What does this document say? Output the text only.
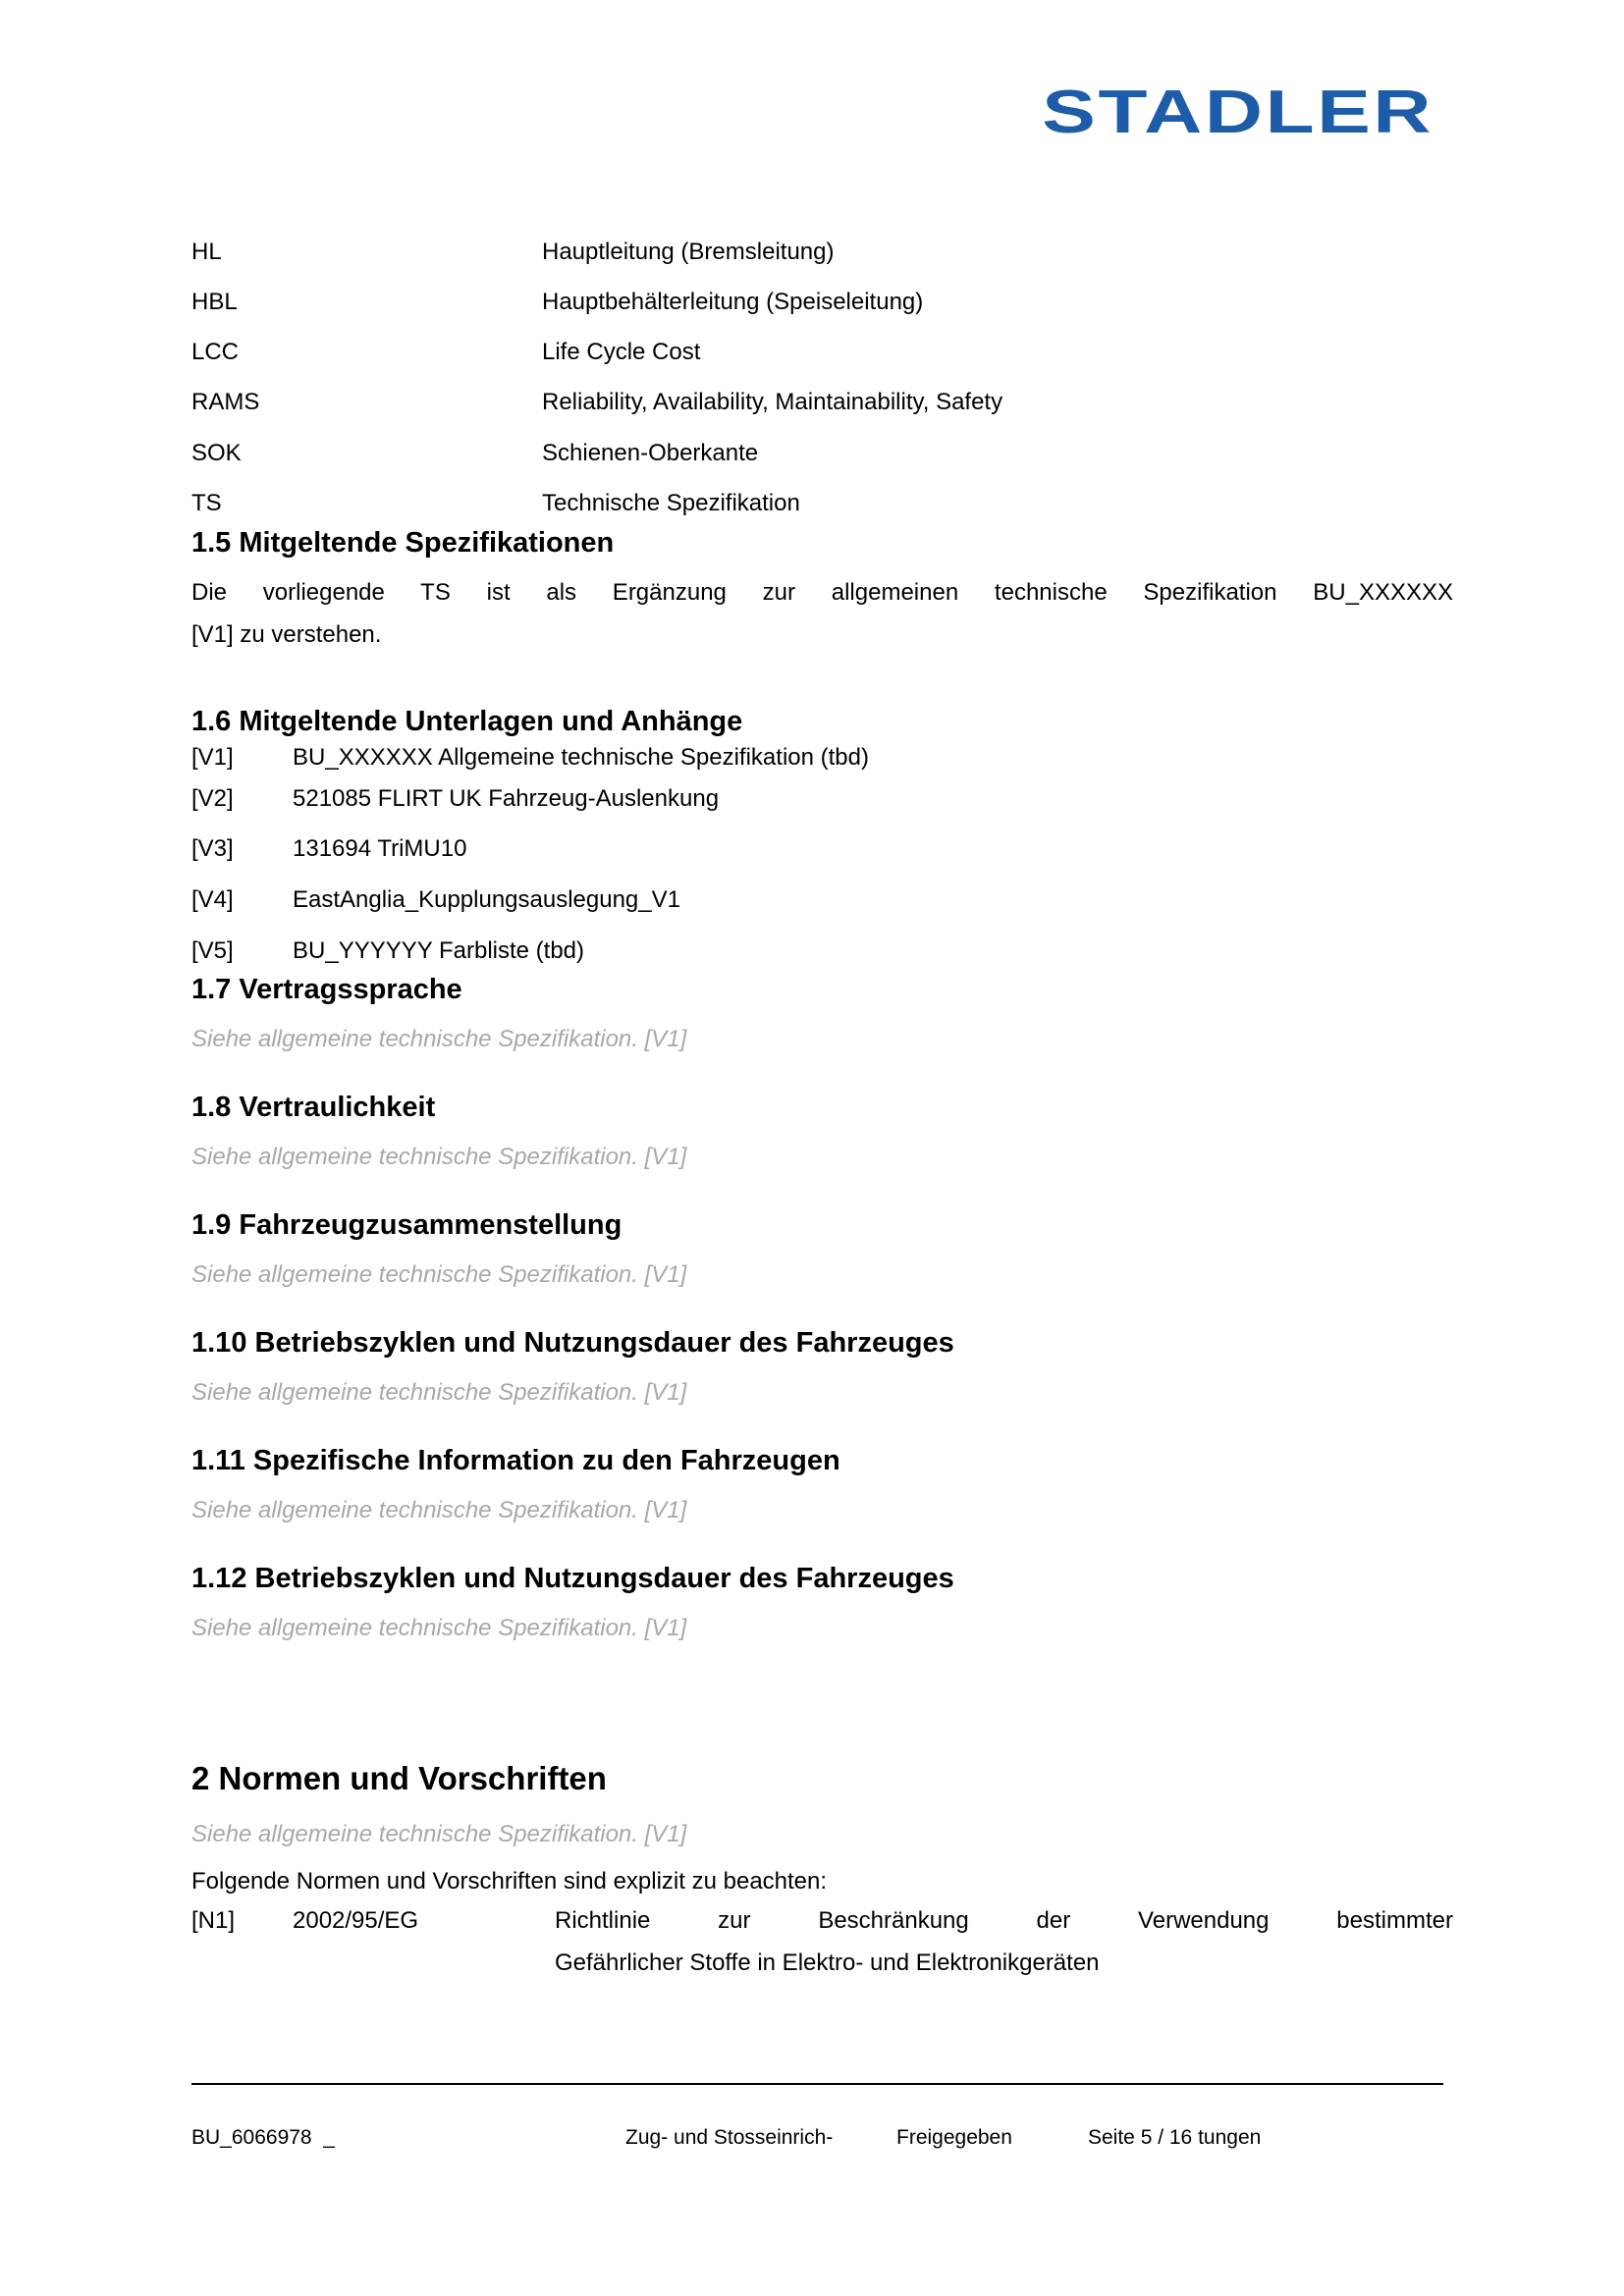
STADLER
HL	Hauptleitung (Bremsleitung)
HBL	Hauptbehälterleitung (Speiseleitung)
LCC	Life Cycle Cost
RAMS	Reliability, Availability, Maintainability, Safety
SOK	Schienen-Oberkante
TS	Technische Spezifikation
1.5 Mitgeltende Spezifikationen
Die vorliegende TS ist als Ergänzung zur allgemeinen technische Spezifikation BU_XXXXXX
[V1] zu verstehen.
1.6 Mitgeltende Unterlagen und Anhänge
[V1]	BU_XXXXXX Allgemeine technische Spezifikation (tbd)
[V2]	521085 FLIRT UK Fahrzeug-Auslenkung
[V3]	131694 TriMU10
[V4]	EastAnglia_Kupplungsauslegung_V1
[V5]	BU_YYYYYY Farbliste (tbd)
1.7 Vertragssprache
Siehe allgemeine technische Spezifikation. [V1]
1.8 Vertraulichkeit
Siehe allgemeine technische Spezifikation. [V1]
1.9 Fahrzeugzusammenstellung
Siehe allgemeine technische Spezifikation. [V1]
1.10 Betriebszyklen und Nutzungsdauer des Fahrzeuges
Siehe allgemeine technische Spezifikation. [V1]
1.11 Spezifische Information zu den Fahrzeugen
Siehe allgemeine technische Spezifikation. [V1]
1.12 Betriebszyklen und Nutzungsdauer des Fahrzeuges
Siehe allgemeine technische Spezifikation. [V1]
2 Normen und Vorschriften
Siehe allgemeine technische Spezifikation. [V1]
Folgende Normen und Vorschriften sind explizit zu beachten:
[N1]	2002/95/EG	Richtlinie zur Beschränkung der Verwendung bestimmter
Gefährlicher Stoffe in Elektro- und Elektronikgeräten
BU_6066978  _	Zug- und Stosseinrich-	Freigegeben	Seite 5 / 16 tungen
